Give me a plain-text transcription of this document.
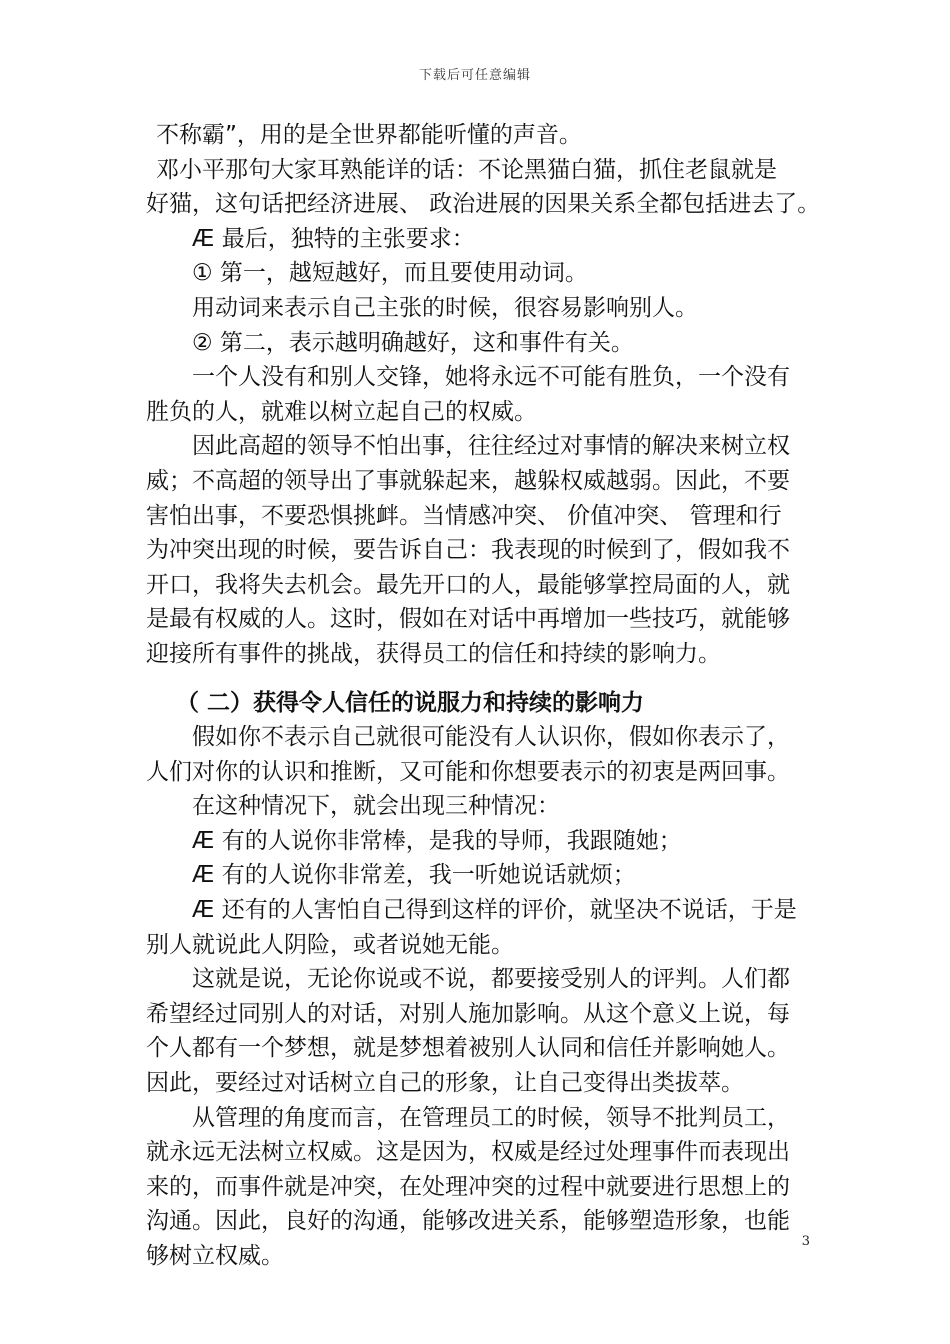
下载后可任意编辑
不称霸”，用的是全世界都能听懂的声音。
邓小平那句大家耳熟能详的话：不论黑猫白猫，抓住老鼠就是
好猫，这句话把经济进展、 政治进展的因果关系全都包括进去了。
Æ 最后，独特的主张要求：
① 第一，越短越好，而且要使用动词。
用动词来表示自己主张的时候，很容易影响别人。
② 第二，表示越明确越好，这和事件有关。
一个人没有和别人交锋，她将永远不可能有胜负，一个没有
胜负的人，就难以树立起自己的权威。
因此高超的领导不怕出事，往往经过对事情的解决来树立权
威；不高超的领导出了事就躲起来，越躲权威越弱。因此，不要
害怕出事，不要恐惧挑衅。当情感冲突、 价值冲突、 管理和行
为冲突出现的时候，要告诉自己：我表现的时候到了，假如我不
开口，我将失去机会。最先开口的人，最能够掌控局面的人，就
是最有权威的人。这时，假如在对话中再增加一些技巧，就能够
迎接所有事件的挑战，获得员工的信任和持续的影响力。
（ 二）获得令人信任的说服力和持续的影响力
假如你不表示自己就很可能没有人认识你，假如你表示了，
人们对你的认识和推断，又可能和你想要表示的初衷是两回事。
在这种情况下，就会出现三种情况：
Æ 有的人说你非常棒，是我的导师，我跟随她；
Æ 有的人说你非常差，我一听她说话就烦；
Æ 还有的人害怕自己得到这样的评价，就坚决不说话，于是
别人就说此人阴险，或者说她无能。
这就是说，无论你说或不说，都要接受别人的评判。人们都
希望经过同别人的对话，对别人施加影响。从这个意义上说，每
个人都有一个梦想，就是梦想着被别人认同和信任并影响她人。
因此，要经过对话树立自己的形象，让自己变得出类拔萃。
从管理的角度而言，在管理员工的时候，领导不批判员工，
就永远无法树立权威。这是因为，权威是经过处理事件而表现出
来的，而事件就是冲突，在处理冲突的过程中就要进行思想上的
沟通。因此，良好的沟通，能够改进关系，能够塑造形象，也能
够树立权威。
3
